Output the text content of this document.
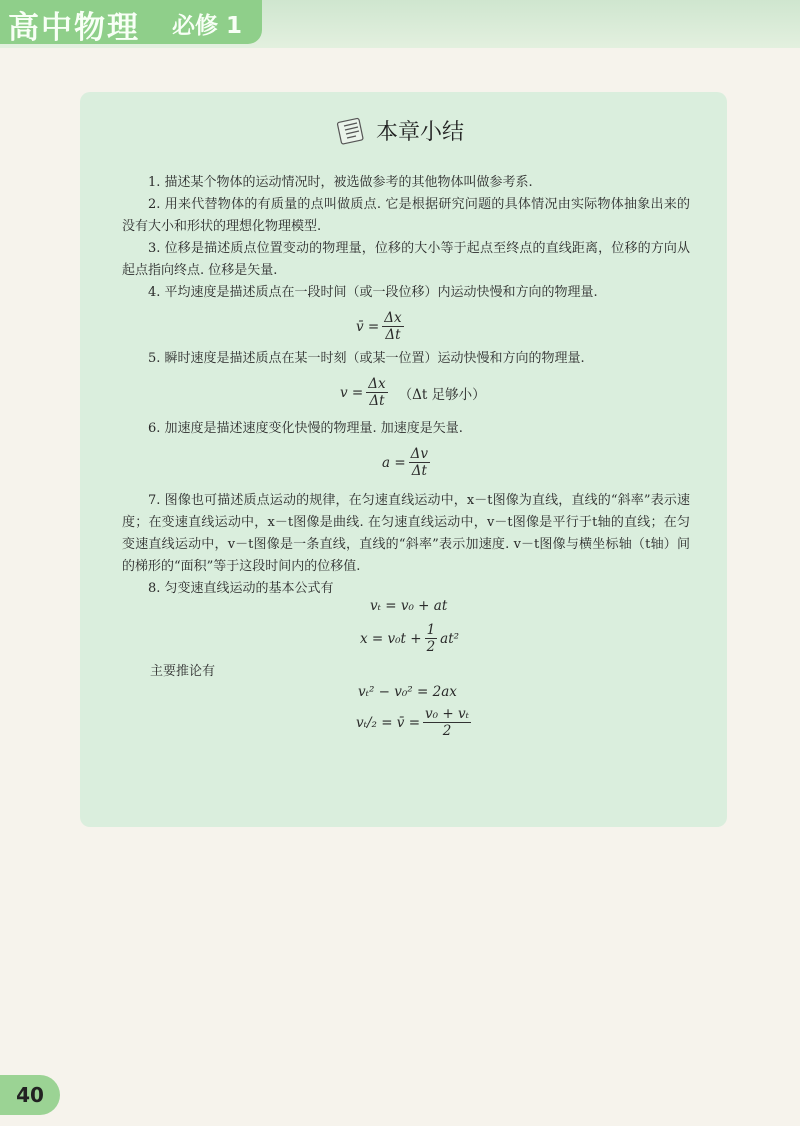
高中物理 必修 1
本章小结

1. 描述某个物体的运动情况时，被选做参考的其他物体叫做参考系.

2. 用来代替物体的有质量的点叫做质点. 它是根据研究问题的具体情况由实际物体抽象出来的没有大小和形状的理想化物理模型.

3. 位移是描述质点位置变动的物理量，位移的大小等于起点至终点的直线距离，位移的方向从起点指向终点. 位移是矢量.

4. 平均速度是描述质点在一段时间（或一段位移）内运动快慢和方向的物理量.

v̄ = $\frac{\Delta x}{\Delta t}$

5. 瞬时速度是描述质点在某一时刻（或某一位置）运动快慢和方向的物理量.

$v = \frac{\Delta x}{\Delta t} (\Delta t$ 足够小）

6. 加速度是描述速度变化快慢的物理量. 加速度是矢量.

$a = \frac{\Delta v}{\Delta t}$

7. 图像也可描述质点运动的规律，在匀速直线运动中，x－t图像为直线，直线的“斜率”表示速度；在变速直线运动中，x－t图像是曲线. 在匀速直线运动中，v－t图像是平行于t轴的直线；在匀变速直线运动中，v－t图像是一条直线，直线的“斜率”表示加速度. v－t图像与横坐标轴（t轴）间的梯形的“面积”等于这段时间内的位移值.

8. 匀变速直线运动的基本公式有

vₜ = v₀ + at
$x = v_0t + \frac{1}{2} at^2$
主要推论有
vₜ² − v₀² = 2ax
vₜ/₂ = v̄ = $\frac{\text{v₀ + vₜ}}{2}$
40
